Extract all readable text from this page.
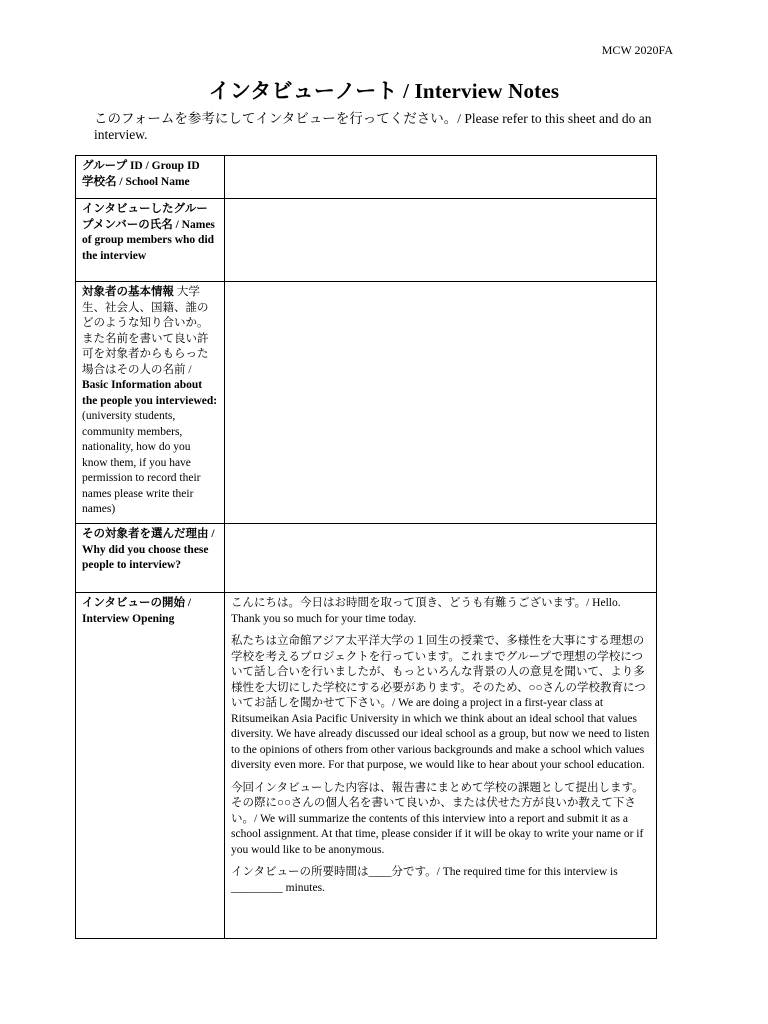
MCW 2020FA
インタビューノート / Interview Notes
このフォームを参考にしてインタビューを行ってください。/ Please refer to this sheet and do an interview.
グループ ID / Group ID
学校名 / School Name	
インタビューしたグループメンバーの氏名 / Names of group members who did the interview	
対象者の基本情報 大学生、社会人、国籍、誰のどのような知り合いか。また名前を書いて良い許可を対象者からもらった場合はその人の名前 / Basic Information about the people you interviewed: (university students, community members, nationality, how do you know them, if you have permission to record their names please write their names)	
その対象者を選んだ理由 / Why did you choose these people to interview?	
インタビューの開始 / Interview Opening	こんにちは。今日はお時間を取って頂き、どうも有難うございます。/ Hello. Thank you so much for your time today.

私たちは立命館アジア太平洋大学の１回生の授業で、多様性を大事にする理想の学校を考えるプロジェクトを行っています。これまでグループで理想の学校について話し合いを行いましたが、もっといろんな背景の人の意見を聞いて、より多様性を大切にした学校にする必要があります。そのため、○○さんの学校教育についてお話しを聞かせて下さい。/ We are doing a project in a first-year class at Ritsumeikan Asia Pacific University in which we think about an ideal school that values diversity. We have already discussed our ideal school as a group, but now we need to listen to the opinions of others from other various backgrounds and make a school which values diversity even more. For that purpose, we would like to hear about your school education.

今回インタビューした内容は、報告書にまとめて学校の課題として提出します。その際に○○さんの個人名を書いて良いか、または伏せた方が良いか教えて下さい。/ We will summarize the contents of this interview into a report and submit it as a school assignment. At that time, please consider if it will be okay to write your name or if you would like to be anonymous.

インタビューの所要時間は____分です。/ The required time for this interview is _________ minutes.
